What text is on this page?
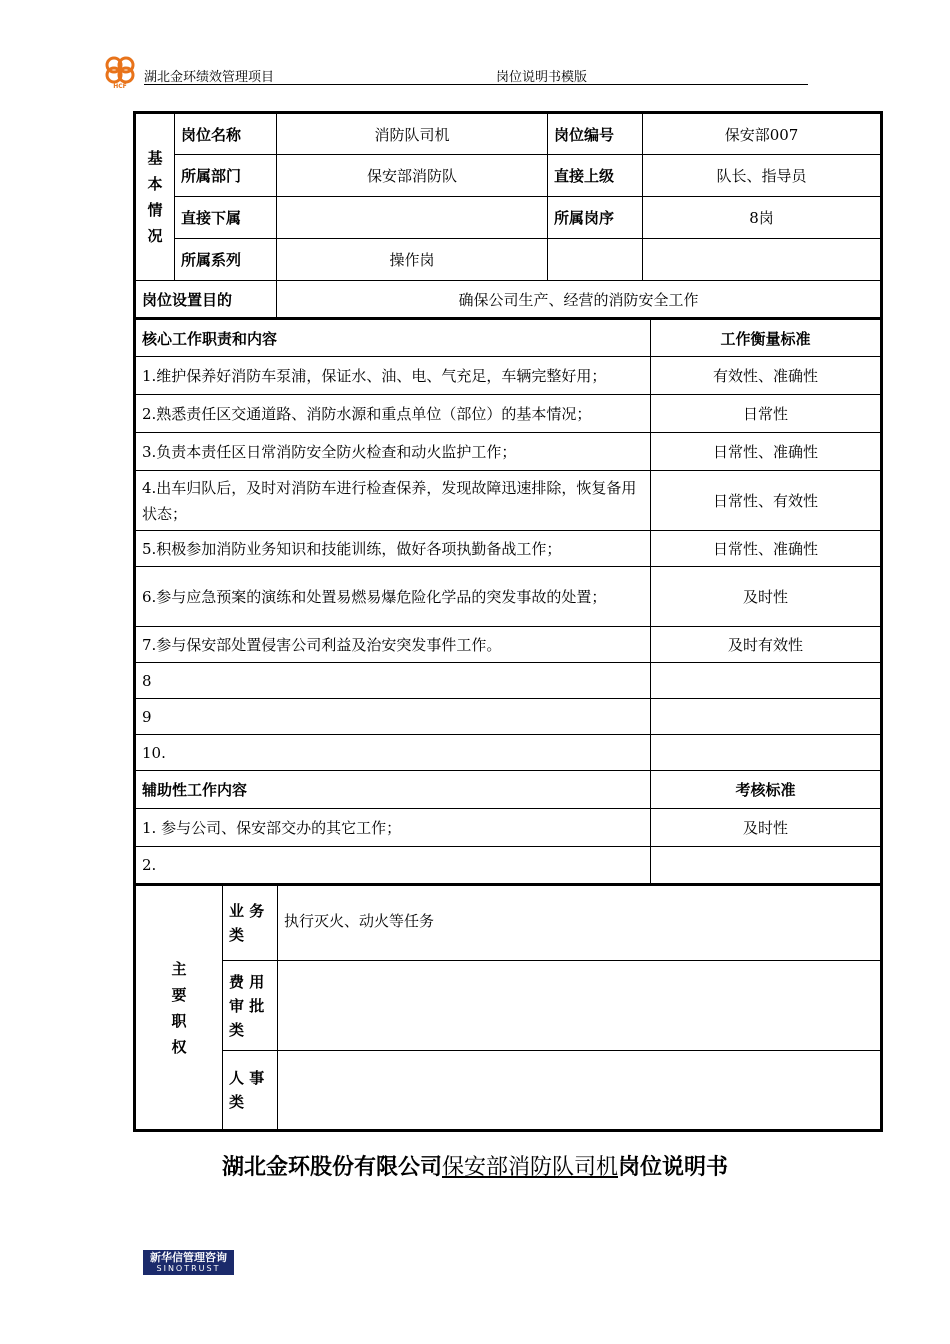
HCF
湖北金环绩效管理项目	岗位说明书模版
基
本
情
况	岗位名称	消防队司机	岗位编号	保安部007
	所属部门	保安部消防队	直接上级	队长、指导员
	直接下属		所属岗序	8岗
	所属系列	操作岗		
岗位设置目的		确保公司生产、经营的消防安全工作		
核心工作职责和内容	工作衡量标准
1.维护保养好消防车泵浦，保证水、油、电、气充足，车辆完整好用；	有效性、准确性
2.熟悉责任区交通道路、消防水源和重点单位（部位）的基本情况；	日常性
3.负责本责任区日常消防安全防火检查和动火监护工作；	日常性、准确性
4.出车归队后，及时对消防车进行检查保养，发现故障迅速排除，恢复备用状态；	日常性、有效性
5.积极参加消防业务知识和技能训练，做好各项执勤备战工作；	日常性、准确性
6.参与应急预案的演练和处置易燃易爆危险化学品的突发事故的处置；	及时性
7.参与保安部处置侵害公司利益及治安突发事件工作。	及时有效性
8	
9	
10.	
辅助性工作内容	考核标准
1. 参与公司、保安部交办的其它工作；	及时性
2.	
主
要
职
权	业 务 类	执行灭火、动火等任务
	费 用 审 批 类	
	人 事 类	
湖北金环股份有限公司保安部消防队司机岗位说明书
新华信管理咨询
SINOTRUST
